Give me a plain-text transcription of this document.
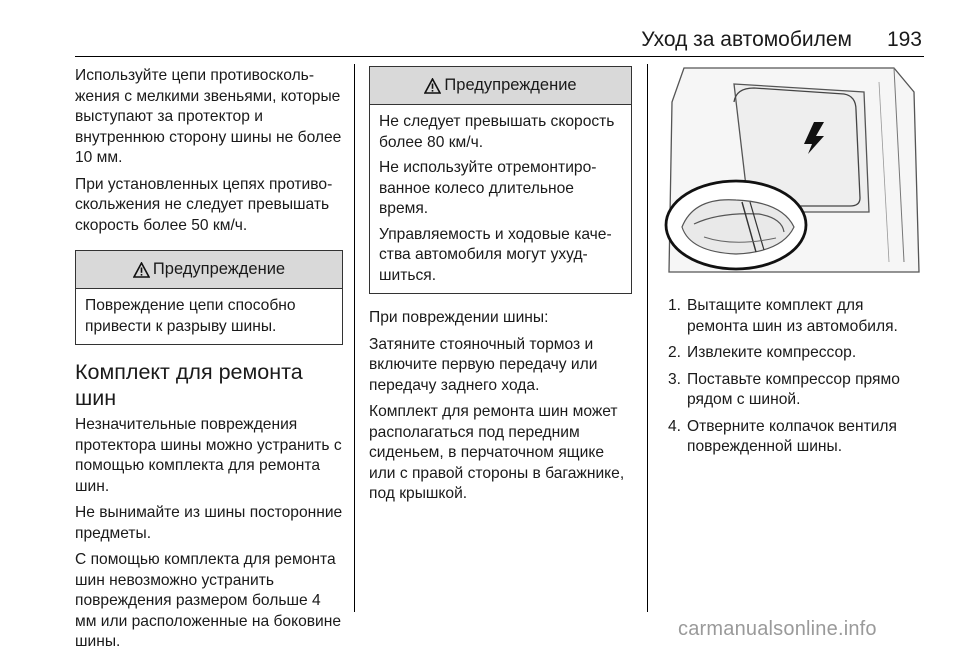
Уход за автомобилем 193

Используйте цепи противоскольжения с мелкими звеньями, которые выступают за протектор и внутреннюю сторону шины не более 10 мм.

При установленных цепях противоскольжения не следует превышать скорость более 50 км/ч.

Предупреждение

Повреждение цепи способно привести к разрыву шины.

Комплект для ремонта шин

Незначительные повреждения протектора шины можно устранить с помощью комплекта для ремонта шин.

Не вынимайте из шины посторонние предметы.

С помощью комплекта для ремонта шин невозможно устранить повреждения размером больше 4 мм или расположенные на боковине шины.

Предупреждение

Не следует превышать скорость более 80 км/ч.

Не используйте отремонтированное колесо длительное время.

Управляемость и ходовые качества автомобиля могут ухудшиться.

При повреждении шины:

Затяните стояночный тормоз и включите первую передачу или передачу заднего хода.

Комплект для ремонта шин может располагаться под передним сиденьем, в перчаточном ящике или с правой стороны в багажнике, под крышкой.

1. Вытащите комплект для ремонта шин из автомобиля.
2. Извлеките компрессор.
3. Поставьте компрессор прямо рядом с шиной.
4. Отверните колпачок вентиля поврежденной шины.
carmanualsonline.info
